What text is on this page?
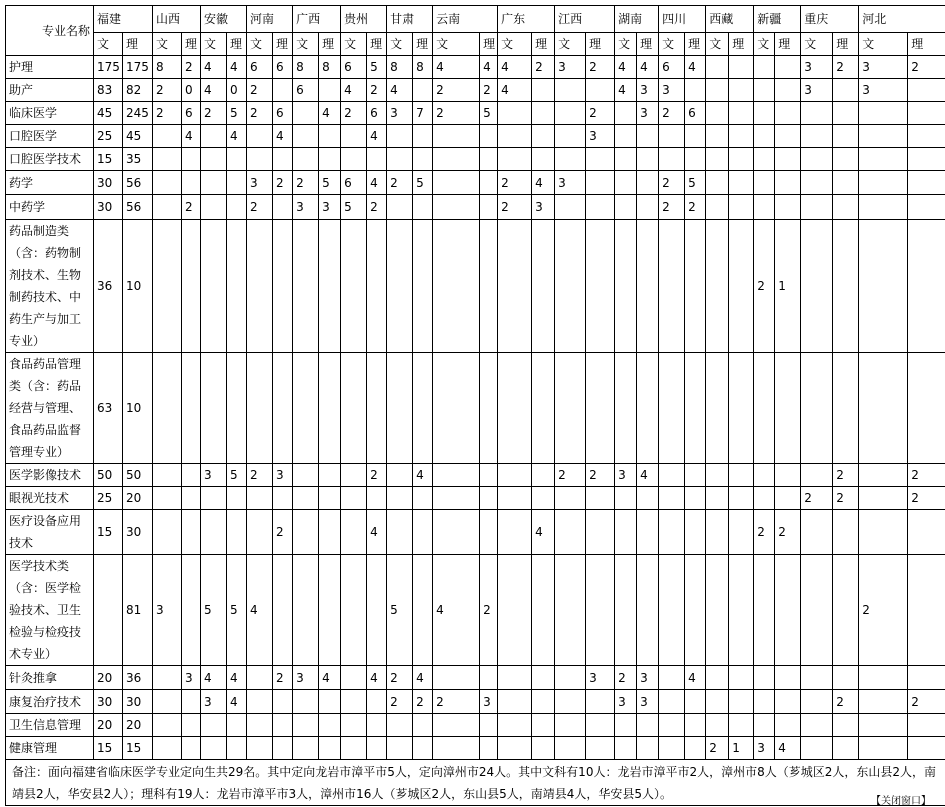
专业名称	福建		山西		安徽		河南		广西		贵州		甘肃		云南		广东		江西		湖南		四川		西藏		新疆		重庆		河北	
	文	理	文	理	文	理	文	理	文	理	文	理	文	理	文	理	文	理	文	理	文	理	文	理	文	理	文	理	文	理	文	理
护理	175	175	8	2	4	4	6	6	8	8	6	5	8	8	4	4	4	2	3	2	4	4	6	4					3	2	3	2
助产	83	82	2	0	4	0	2		6		4	2	4		2	2	4				4	3	3						3		3	
临床医学	45	245	2	6	2	5	2	6		4	2	6	3	7	2	5				2		3	2	6								
口腔医学	25	45		4		4		4				4								3												
口腔医学技术	15	35																														
药学	30	56					3	2	2	5	6	4	2	5			2	4	3				2	5								
中药学	30	56		2			2		3	3	5	2					2	3					2	2								
药品制造类（含：药物制剂技术、生物制药技术、中药生产与加工专业）	36	10																									2	1				
食品药品管理类（含：药品经营与管理、食品药品监督管理专业）	63	10																														
医学影像技术	50	50			3	5	2	3				2		4					2	2	3	4								2		2
眼视光技术	25	20																											2	2		2
医疗设备应用技术	15	30						2				4						4									2	2				
医学技术类（含：医学检验技术、卫生检验与检疫技术专业）		81	3		5	5	4						5		4	2															2	
针灸推拿	20	36		3	4	4		2	3	4		4	2	4						3	2	3		4								
康复治疗技术	30	30			3	4							2	2	2	3					3	3								2		2
卫生信息管理	20	20																														
健康管理	15	15																							2	1	3	4				
备注：面向福建省临床医学专业定向生共29名。其中定向龙岩市漳平市5人，定向漳州市24人。其中文科有10人：龙岩市漳平市2人，漳州市8人（芗城区2人，东山县2人，南靖县2人，华安县2人）；理科有19人：龙岩市漳平市3人，漳州市16人（芗城区2人，东山县5人，南靖县4人，华安县5人）。																																
【关闭窗口】
